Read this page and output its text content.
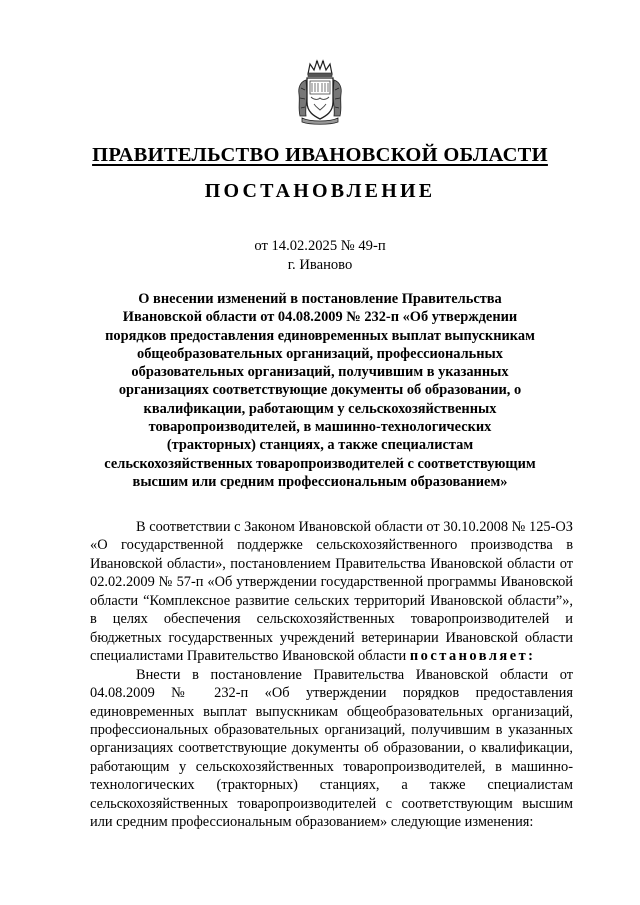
ПРАВИТЕЛЬСТВО ИВАНОВСКОЙ ОБЛАСТИ
ПОСТАНОВЛЕНИЕ
от 14.02.2025 № 49-п
г. Иваново
О внесении изменений в постановление Правительства Ивановской области от 04.08.2009 № 232-п «Об утверждении порядков предоставления единовременных выплат выпускникам общеобразовательных организаций, профессиональных образовательных организаций, получившим в указанных организациях соответствующие документы об образовании, о квалификации, работающим у сельскохозяйственных товаропроизводителей, в машинно-технологических (тракторных) станциях, а также специалистам сельскохозяйственных товаропроизводителей с соответствующим высшим или средним профессиональным образованием»

В соответствии с Законом Ивановской области от 30.10.2008 № 125-ОЗ «О государственной поддержке сельскохозяйственного производства в Ивановской области», постановлением Правительства Ивановской области от 02.02.2009 № 57-п «Об утверждении государственной программы Ивановской области “Комплексное развитие сельских территорий Ивановской области”», в целях обеспечения сельскохозяйственных товаропроизводителей и бюджетных государственных учреждений ветеринарии Ивановской области специалистами Правительство Ивановской области постановляет:

Внести в постановление Правительства Ивановской области от 04.08.2009 № 232-п «Об утверждении порядков предоставления единовременных выплат выпускникам общеобразовательных организаций, профессиональных образовательных организаций, получившим в указанных организациях соответствующие документы об образовании, о квалификации, работающим у сельскохозяйственных товаропроизводителей, в машинно-технологических (тракторных) станциях, а также специалистам сельскохозяйственных товаропроизводителей с соответствующим высшим или средним профессиональным образованием» следующие изменения:
